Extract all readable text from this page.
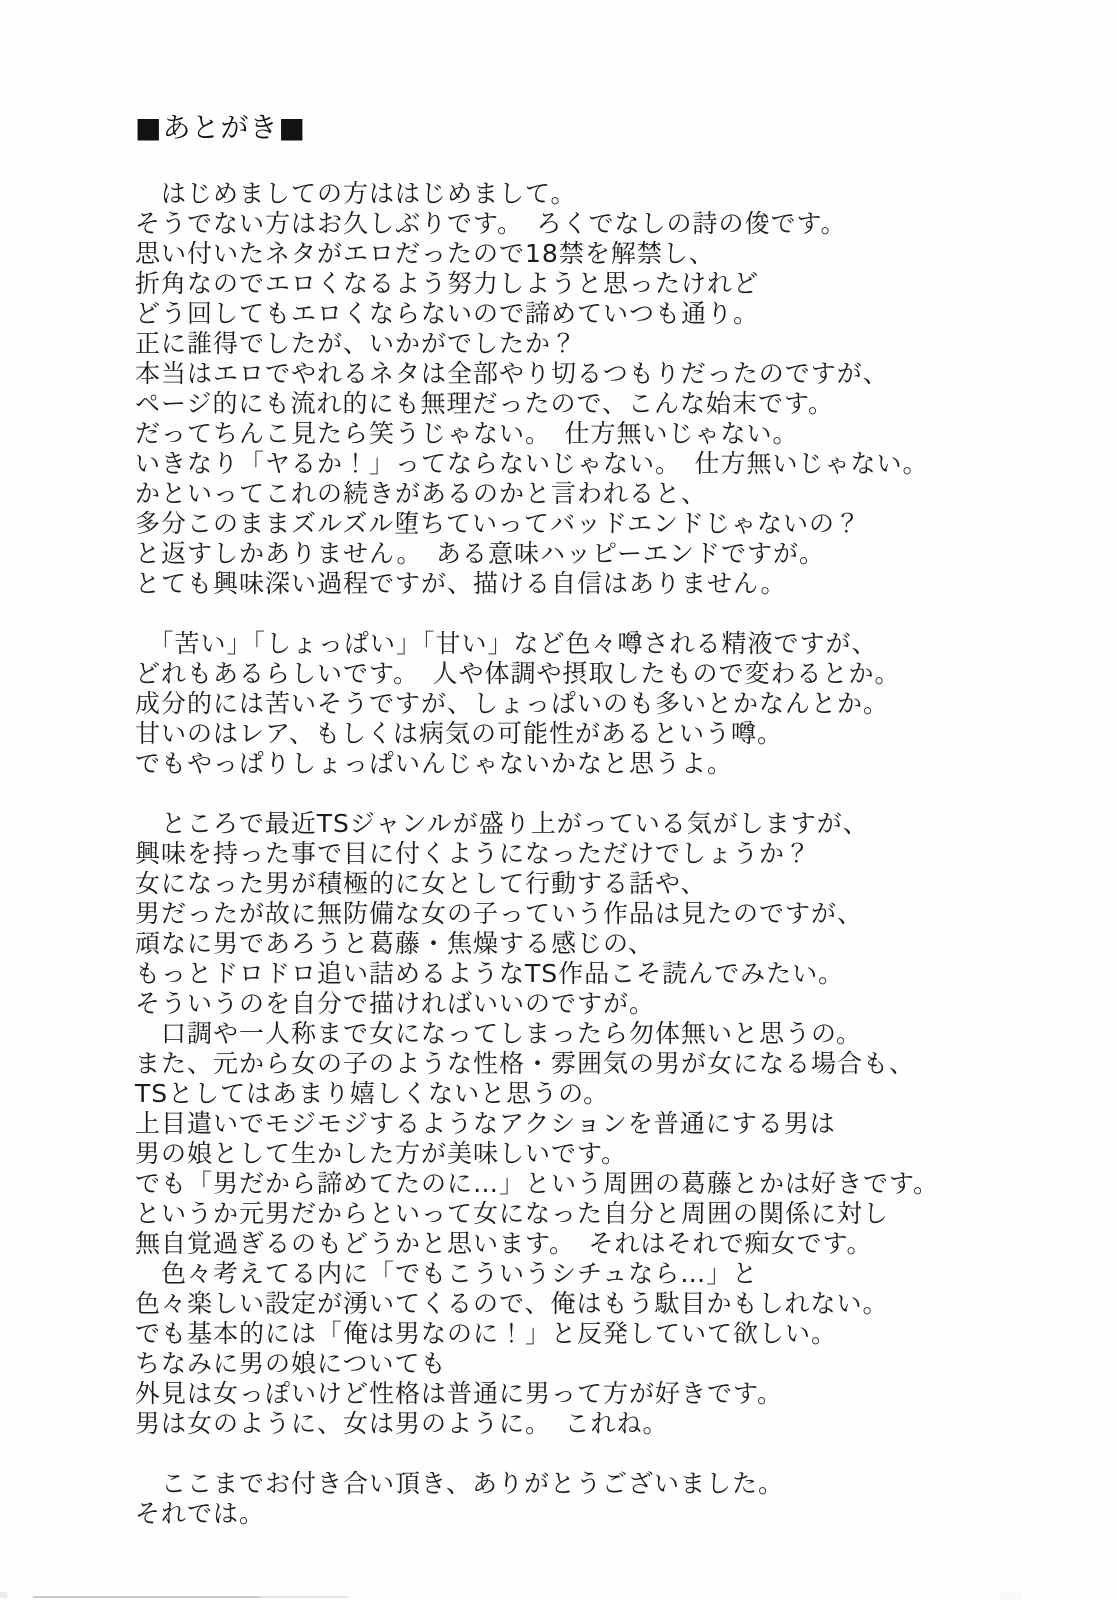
■あとがき■
　はじめましての方ははじめまして。
そうでない方はお久しぶりです。　ろくでなしの詩の俊です。
思い付いたネタがエロだったので18禁を解禁し、
折角なのでエロくなるよう努力しようと思ったけれど
どう回してもエロくならないので諦めていつも通り。
正に誰得でしたが、いかがでしたか？
本当はエロでやれるネタは全部やり切るつもりだったのですが、
ページ的にも流れ的にも無理だったので、こんな始末です。
だってちんこ見たら笑うじゃない。　仕方無いじゃない。
いきなり「ヤるか！」ってならないじゃない。　仕方無いじゃない。
かといってこれの続きがあるのかと言われると、
多分このままズルズル堕ちていってバッドエンドじゃないの？
と返すしかありません。　ある意味ハッピーエンドですが。
とても興味深い過程ですが、描ける自信はありません。
　「苦い」「しょっぱい」「甘い」など色々噂される精液ですが、
どれもあるらしいです。　人や体調や摂取したもので変わるとか。
成分的には苦いそうですが、しょっぱいのも多いとかなんとか。
甘いのはレア、もしくは病気の可能性があるという噂。
でもやっぱりしょっぱいんじゃないかなと思うよ。
　ところで最近TSジャンルが盛り上がっている気がしますが、
興味を持った事で目に付くようになっただけでしょうか？
女になった男が積極的に女として行動する話や、
男だったが故に無防備な女の子っていう作品は見たのですが、
頑なに男であろうと葛藤・焦燥する感じの、
もっとドロドロ追い詰めるようなTS作品こそ読んでみたい。
そういうのを自分で描ければいいのですが。
　口調や一人称まで女になってしまったら勿体無いと思うの。
また、元から女の子のような性格・雰囲気の男が女になる場合も、
TSとしてはあまり嬉しくないと思うの。
上目遣いでモジモジするようなアクションを普通にする男は
男の娘として生かした方が美味しいです。
でも「男だから諦めてたのに…」という周囲の葛藤とかは好きです。
というか元男だからといって女になった自分と周囲の関係に対し
無自覚過ぎるのもどうかと思います。　それはそれで痴女です。
　色々考えてる内に「でもこういうシチュなら…」と
色々楽しい設定が湧いてくるので、俺はもう駄目かもしれない。
でも基本的には「俺は男なのに！」と反発していて欲しい。
ちなみに男の娘についても
外見は女っぽいけど性格は普通に男って方が好きです。
男は女のように、女は男のように。　これね。
　ここまでお付き合い頂き、ありがとうございました。
それでは。
